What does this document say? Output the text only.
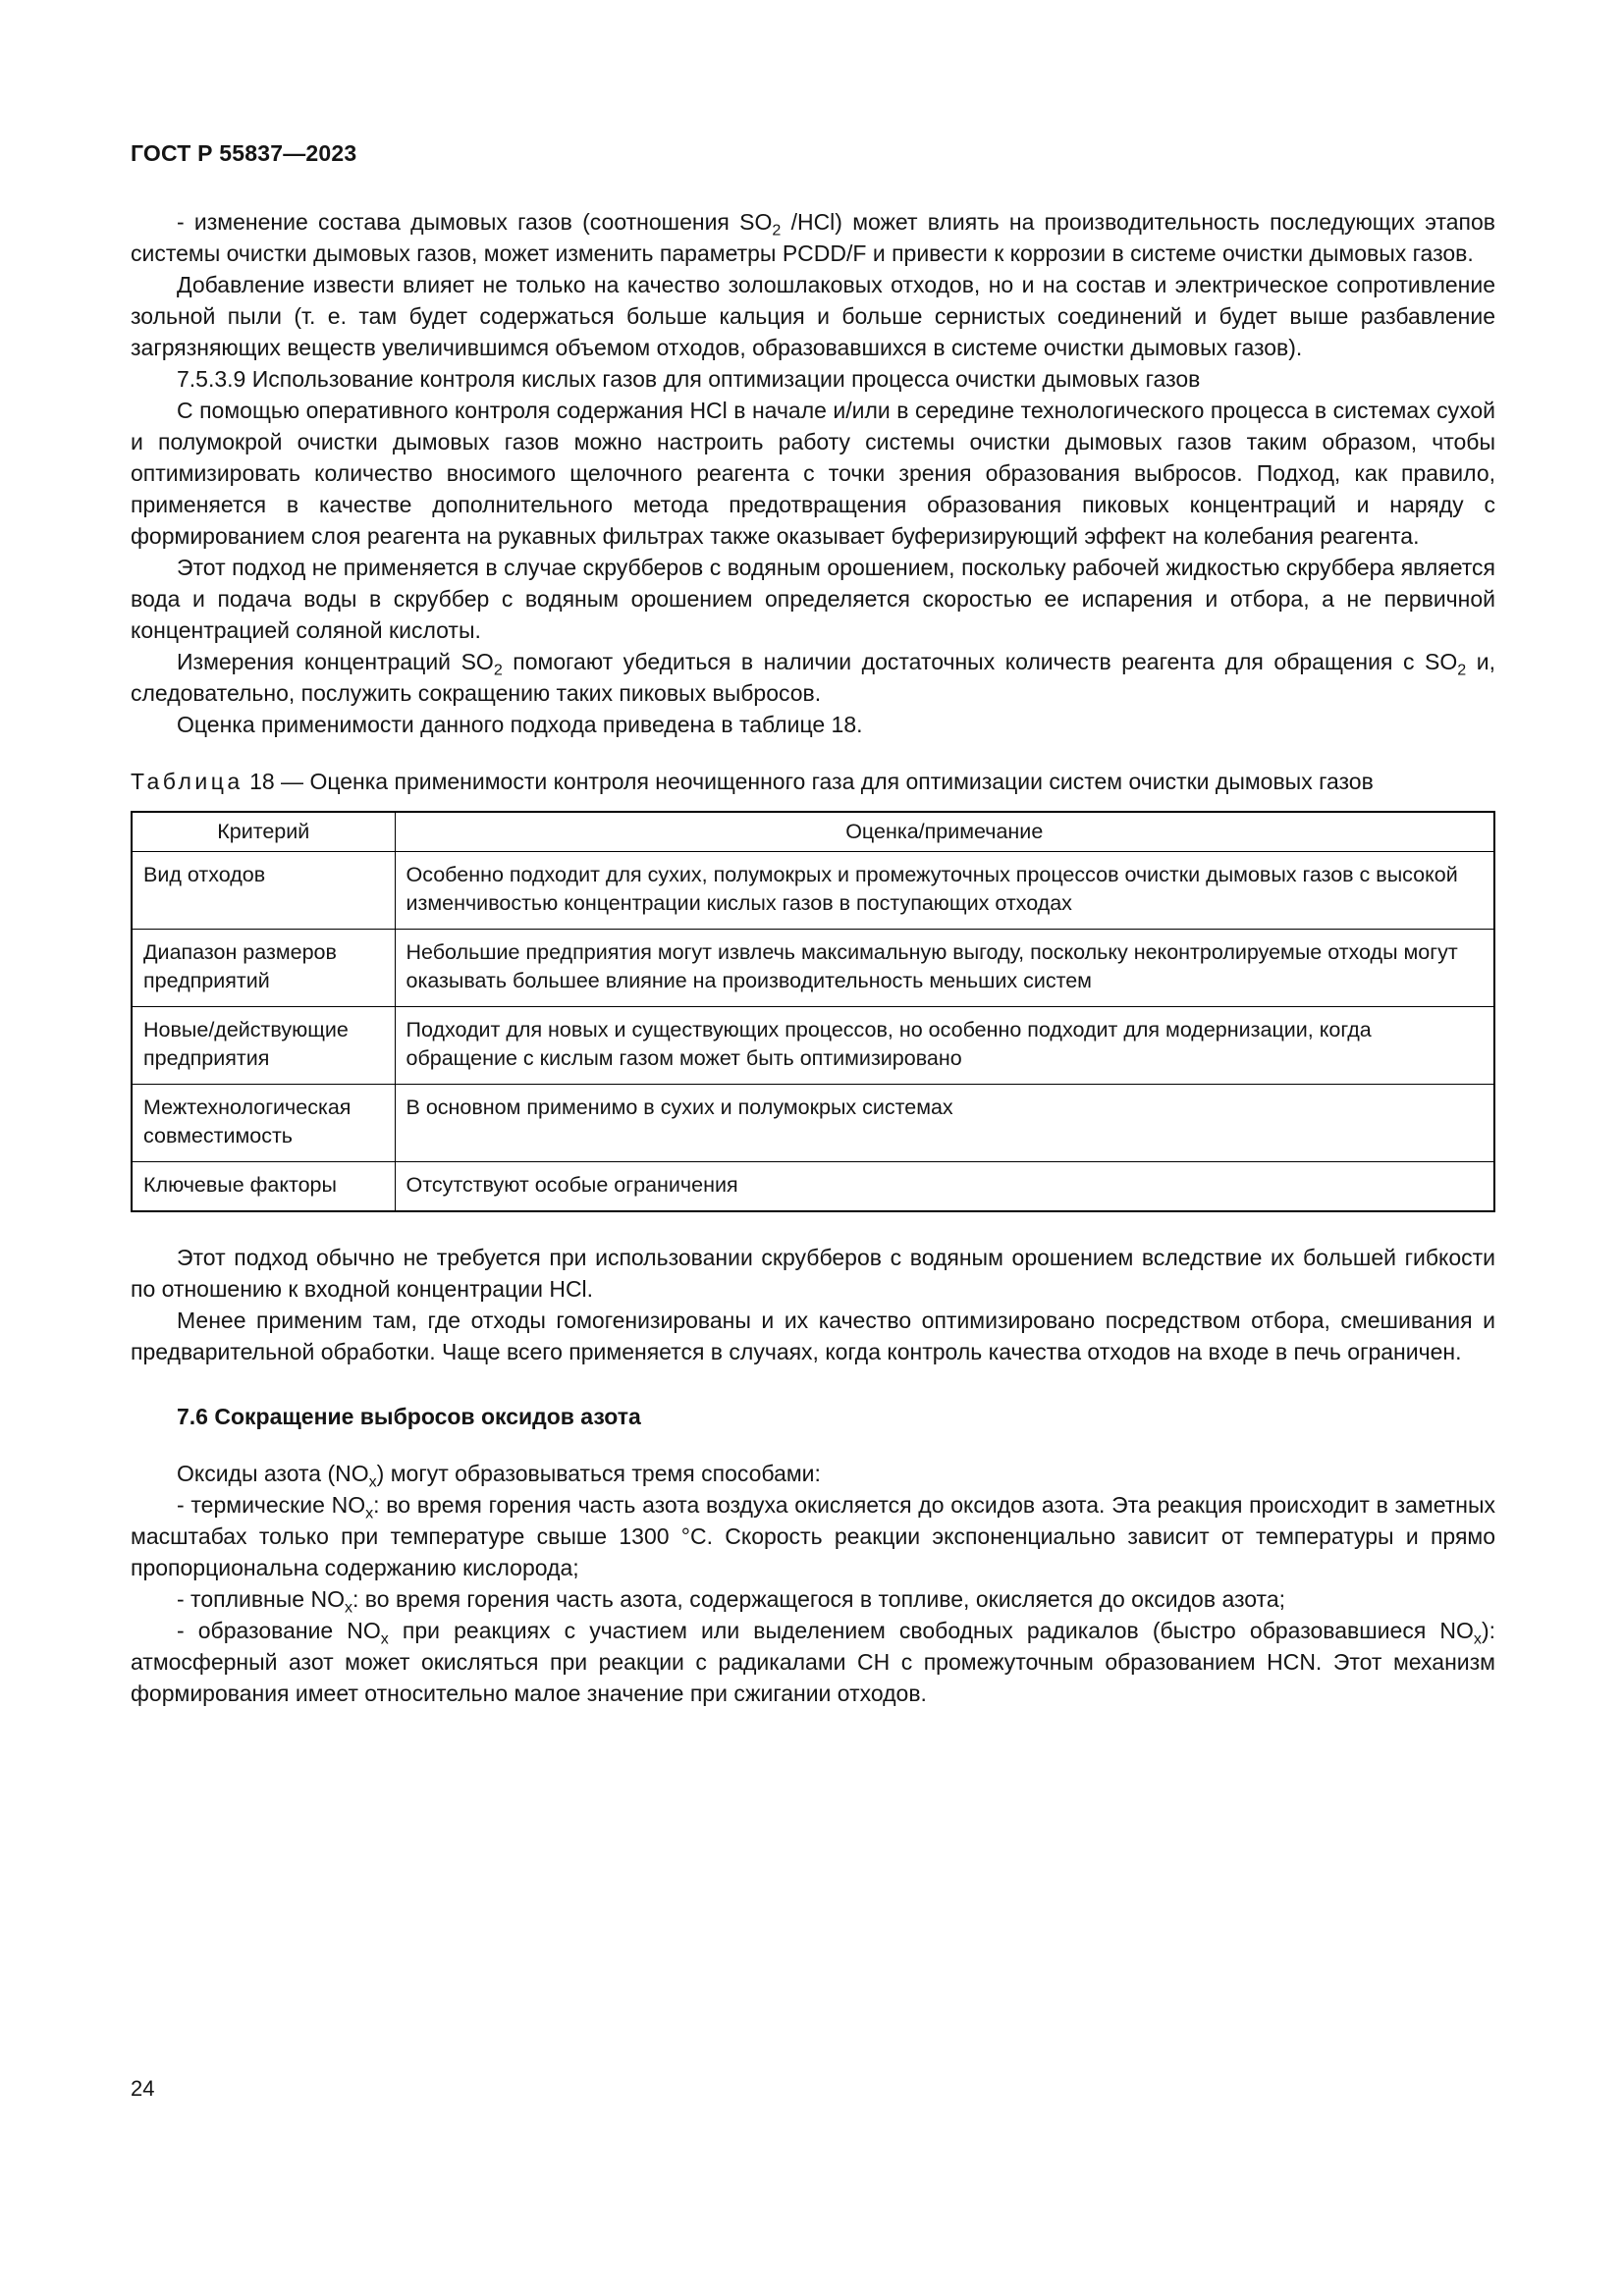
ГОСТ Р 55837—2023

- изменение состава дымовых газов (соотношения $SO_2$ /HCl) может влиять на производительность последующих этапов системы очистки дымовых газов, может изменить параметры PCDD/F и привести к коррозии в системе очистки дымовых газов.

Добавление извести влияет не только на качество золошлаковых отходов, но и на состав и электрическое сопротивление зольной пыли (т. е. там будет содержаться больше кальция и больше сернистых соединений и будет выше разбавление загрязняющих веществ увеличившимся объемом отходов, образовавшихся в системе очистки дымовых газов).

7.5.3.9 Использование контроля кислых газов для оптимизации процесса очистки дымовых газов

С помощью оперативного контроля содержания HCl в начале и/или в середине технологического процесса в системах сухой и полумокрой очистки дымовых газов можно настроить работу системы очистки дымовых газов таким образом, чтобы оптимизировать количество вносимого щелочного реагента с точки зрения образования выбросов. Подход, как правило, применяется в качестве дополнительного метода предотвращения образования пиковых концентраций и наряду с формированием слоя реагента на рукавных фильтрах также оказывает буферизирующий эффект на колебания реагента.

Этот подход не применяется в случае скрубберов с водяным орошением, поскольку рабочей жидкостью скруббера является вода и подача воды в скруббер с водяным орошением определяется скоростью ее испарения и отбора, а не первичной концентрацией соляной кислоты.

Измерения концентраций $SO_2$ помогают убедиться в наличии достаточных количеств реагента для обращения с $SO_2$ и, следовательно, послужить сокращению таких пиковых выбросов.

Оценка применимости данного подхода приведена в таблице 18.

Таблица 18 — Оценка применимости контроля неочищенного газа для оптимизации систем очистки дымовых газов
Критерий	Оценка/примечание
Вид отходов	Особенно подходит для сухих, полумокрых и промежуточных процессов очистки дымовых газов с высокой изменчивостью концентрации кислых газов в поступающих отходах
Диапазон размеров предприятий	Небольшие предприятия могут извлечь максимальную выгоду, поскольку неконтролируемые отходы могут оказывать большее влияние на производительность меньших систем
Новые/действующие предприятия	Подходит для новых и существующих процессов, но особенно подходит для модернизации, когда обращение с кислым газом может быть оптимизировано
Межтехнологическая совместимость	В основном применимо в сухих и полумокрых системах
Ключевые факторы	Отсутствуют особые ограничения

Этот подход обычно не требуется при использовании скрубберов с водяным орошением вследствие их большей гибкости по отношению к входной концентрации HCl.

Менее применим там, где отходы гомогенизированы и их качество оптимизировано посредством отбора, смешивания и предварительной обработки. Чаще всего применяется в случаях, когда контроль качества отходов на входе в печь ограничен.

7.6 Сокращение выбросов оксидов азота

Оксиды азота $(NO_x)$ могут образовываться тремя способами:

- термические $NO_x$: во время горения часть азота воздуха окисляется до оксидов азота. Эта реакция происходит в заметных масштабах только при температуре свыше 1300 °C. Скорость реакции экспоненциально зависит от температуры и прямо пропорциональна содержанию кислорода;

- топливные $NO_x$: во время горения часть азота, содержащегося в топливе, окисляется до оксидов азота;

- образование $NO_x$ при реакциях с участием или выделением свободных радикалов (быстро образовавшиеся $NO_x$): атмосферный азот может окисляться при реакции с радикалами CH с промежуточным образованием HCN. Этот механизм формирования имеет относительно малое значение при сжигании отходов.

24
